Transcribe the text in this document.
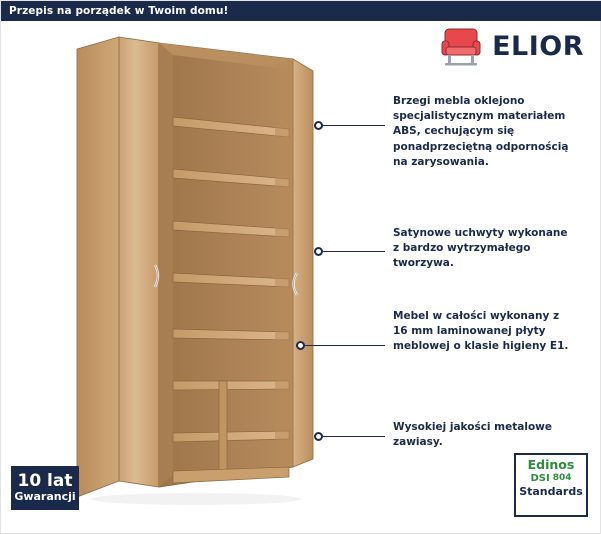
Przepis na porządek w Twoim domu!
ELIOR
Brzegi mebla oklejono specjalistycznym materiałem ABS, cechującym się ponadprzeciętną odpornością na zarysowania.
Satynowe uchwyty wykonane z bardzo wytrzymałego tworzywa.
Mebel w całości wykonany z 16 mm laminowanej płyty meblowej o klasie higieny E1.
Wysokiej jakości metalowe zawiasy.
10 lat
Gwarancji
Edinos
DSI 804
Standards
